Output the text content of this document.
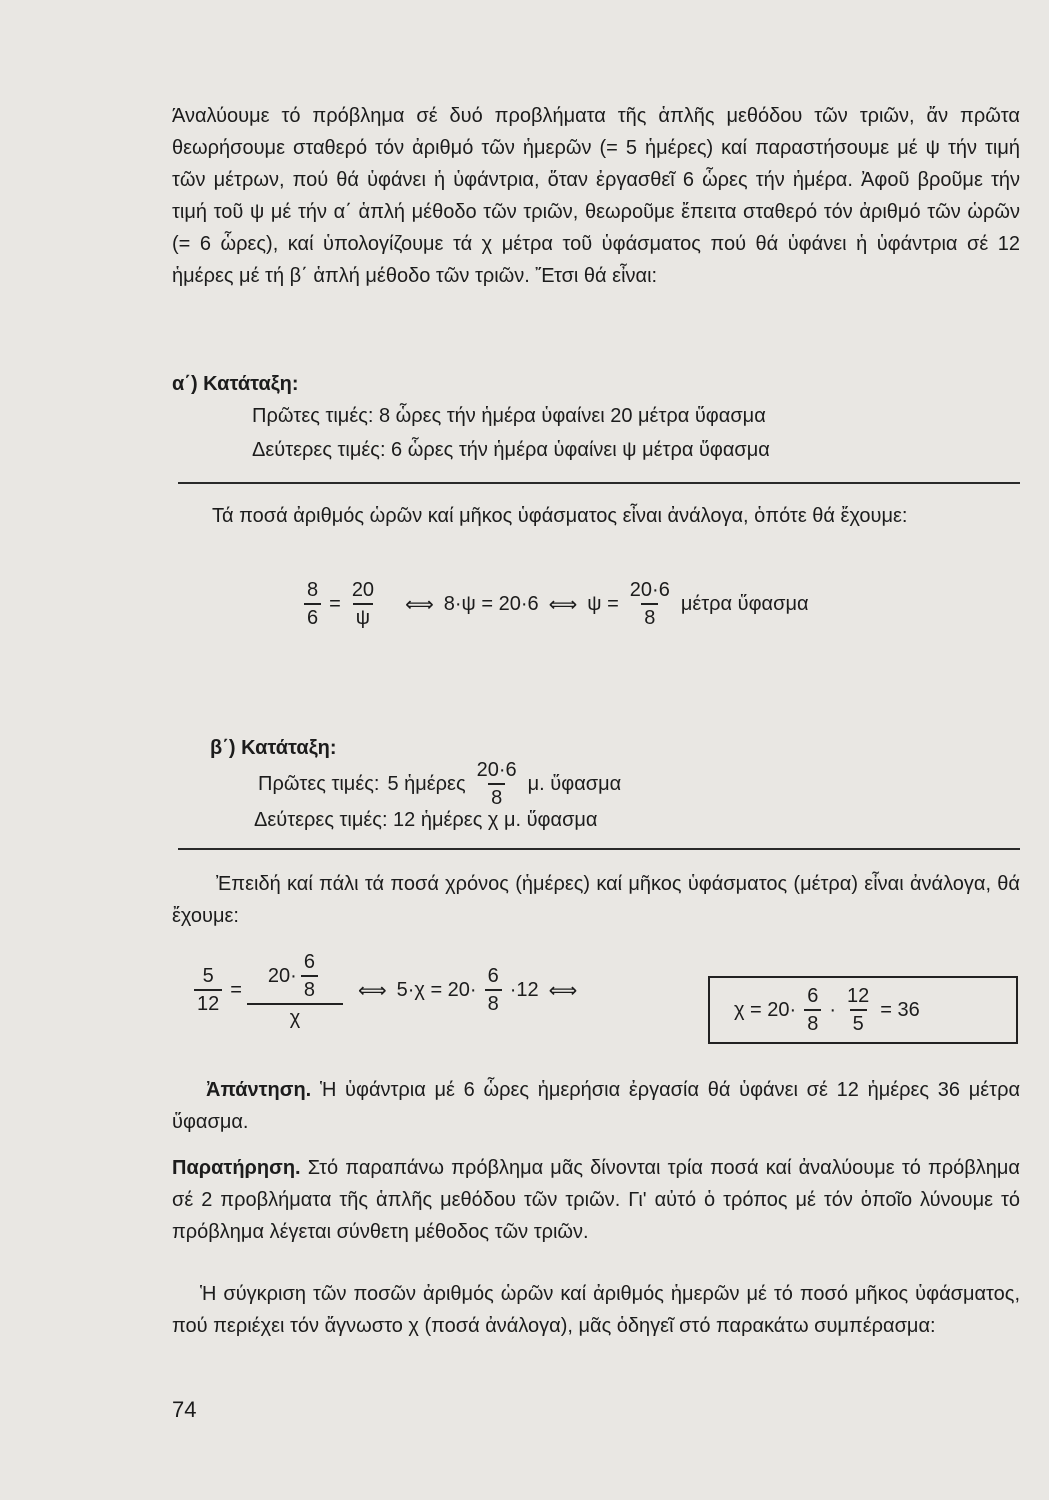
Άναλύουμε τό πρόβλημα σέ δυό προβλήματα τῆς ἁπλῆς μεθόδου τῶν τριῶν, ἄν πρῶτα θεωρήσουμε σταθερό τόν ἀριθμό τῶν ἡμερῶν (= 5 ἡμέρες) καί παραστήσουμε μέ ψ τήν τιμή τῶν μέτρων, πού θά ὑφάνει ἡ ὑφάντρια, ὅταν ἐργασθεῖ 6 ὧρες τήν ἡμέρα. Ἀφοῦ βροῦμε τήν τιμή τοῦ ψ μέ τήν α΄ ἁπλή μέθοδο τῶν τριῶν, θεωροῦμε ἔπειτα σταθερό τόν ἀριθμό τῶν ὡρῶν (= 6 ὧρες), καί ὑπολογίζουμε τά χ μέτρα τοῦ ὑφάσματος πού θά ὑφάνει ἡ ὑφάντρια σέ 12 ἡμέρες μέ τή β΄ ἁπλή μέθοδο τῶν τριῶν. Ἔτσι θά εἶναι:
α΄) Κατάταξη:
Πρῶτες τιμές: 8 ὧρες τήν ἡμέρα ὑφαίνει 20 μέτρα ὕφασμα
Δεύτερες τιμές: 6 ὧρες τήν ἡμέρα ὑφαίνει ψ μέτρα ὕφασμα
Τά ποσά ἀριθμός ὡρῶν καί μῆκος ὑφάσματος εἶναι ἀνάλογα, ὁπότε θά ἔχουμε:
$\frac{8}{6} = \frac{20}{\psi}$ ⟺ 8·ψ = 20·6 ⟺ $\psi = \frac{20\cdot 6}{8}$ μέτρα ὕφασμα
β΄) Κατάταξη:
Πρῶτες τιμές: 5 ἡμέρες $\frac{20\cdot 6}{8} \mu$. ὕφασμα
Δεύτερες τιμές: 12 ἡμέρες χ μ. ὕφασμα
Ἐπειδή καί πάλι τά ποσά χρόνος (ἡμέρες) καί μῆκος ὑφάσματος (μέτρα) εἶναι ἀνάλογα, θά ἔχουμε:
$\frac{5}{12} = \frac{20\cdot \frac{6}{8}}{\chi}$ ⟺ $5\cdot\chi = 20\cdot \frac{6}{8} \cdot 12$ ⟺
$\chi = 20\cdot \frac{6}{8} \cdot \frac{12}{5} = 36$
Ἀπάντηση. Ἡ ὑφάντρια μέ 6 ὧρες ἡμερήσια ἐργασία θά ὑφάνει σέ 12 ἡμέρες 36 μέτρα ὕφασμα.
Παρατήρηση. Στό παραπάνω πρόβλημα μᾶς δίνονται τρία ποσά καί ἀναλύουμε τό πρόβλημα σέ 2 προβλήματα τῆς ἁπλῆς μεθόδου τῶν τριῶν. Γι' αὐτό ὁ τρόπος μέ τόν ὁποῖο λύνουμε τό πρόβλημα λέγεται σύνθετη μέθοδος τῶν τριῶν.
Ἡ σύγκριση τῶν ποσῶν ἀριθμός ὡρῶν καί ἀριθμός ἡμερῶν μέ τό ποσό μῆκος ὑφάσματος, πού περιέχει τόν ἄγνωστο χ (ποσά ἀνάλογα), μᾶς ὁδηγεῖ στό παρακάτω συμπέρασμα:
74
